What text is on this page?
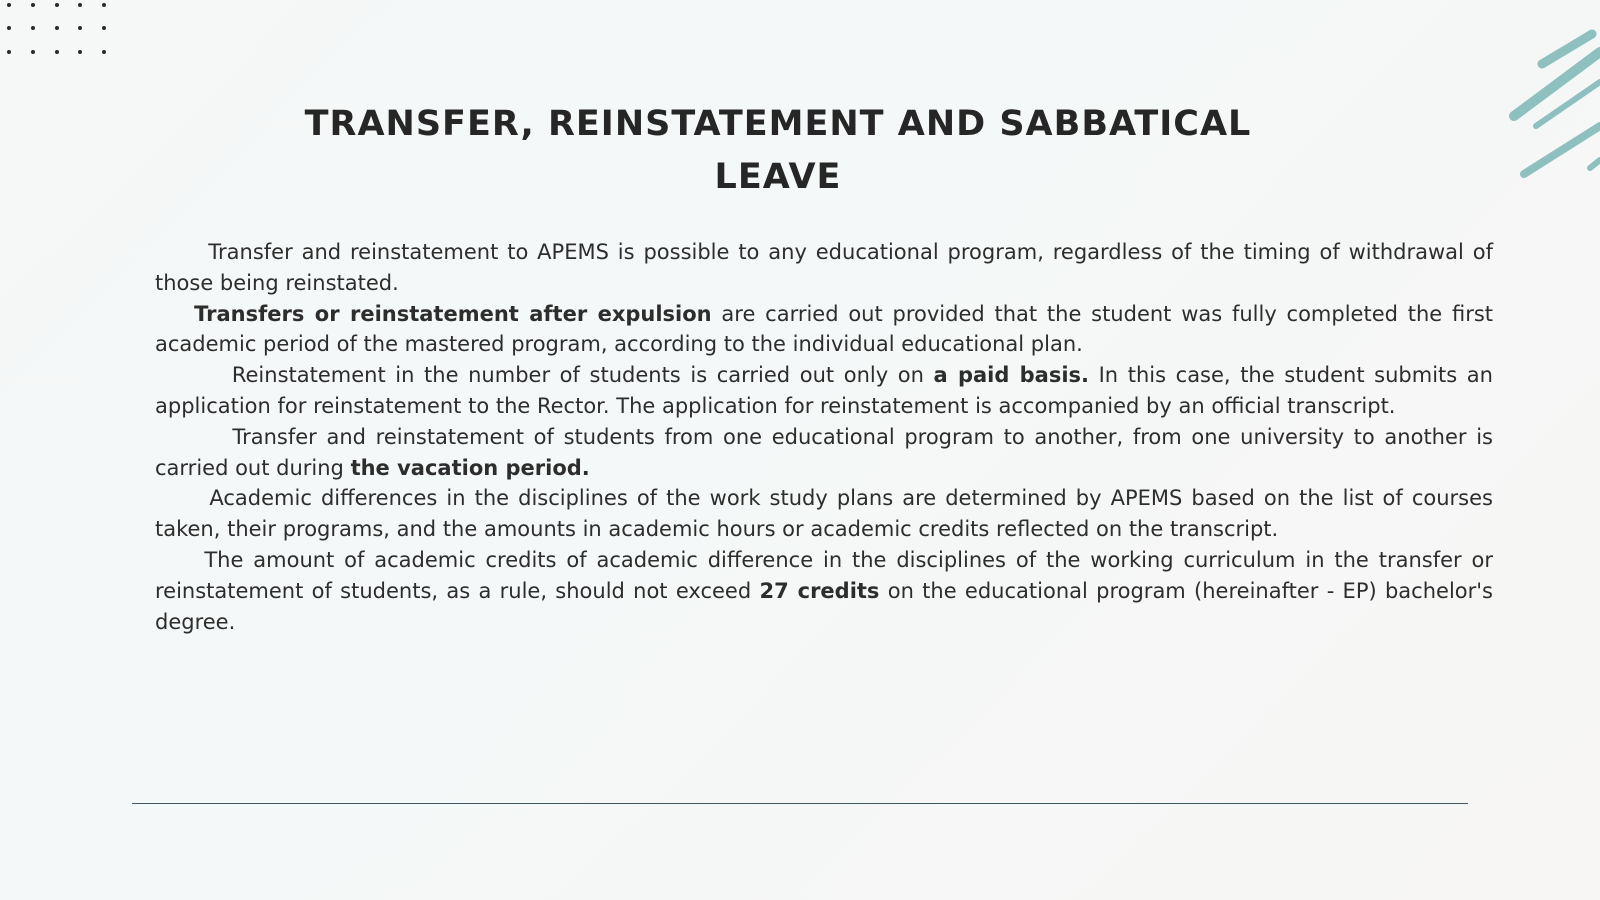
TRANSFER, REINSTATEMENT AND SABBATICAL
LEAVE

Transfer and reinstatement to APEMS is possible to any educational program, regardless of the timing of withdrawal of those being reinstated.

Transfers or reinstatement after expulsion are carried out provided that the student was fully completed the first academic period of the mastered program, according to the individual educational plan.

Reinstatement in the number of students is carried out only on a paid basis. In this case, the student submits an application for reinstatement to the Rector. The application for reinstatement is accompanied by an official transcript.

Transfer and reinstatement of students from one educational program to another, from one university to another is carried out during the vacation period.

Academic differences in the disciplines of the work study plans are determined by APEMS based on the list of courses taken, their programs, and the amounts in academic hours or academic credits reflected on the transcript.

The amount of academic credits of academic difference in the disciplines of the working curriculum in the transfer or reinstatement of students, as a rule, should not exceed 27 credits on the educational program (hereinafter - EP) bachelor's degree.
